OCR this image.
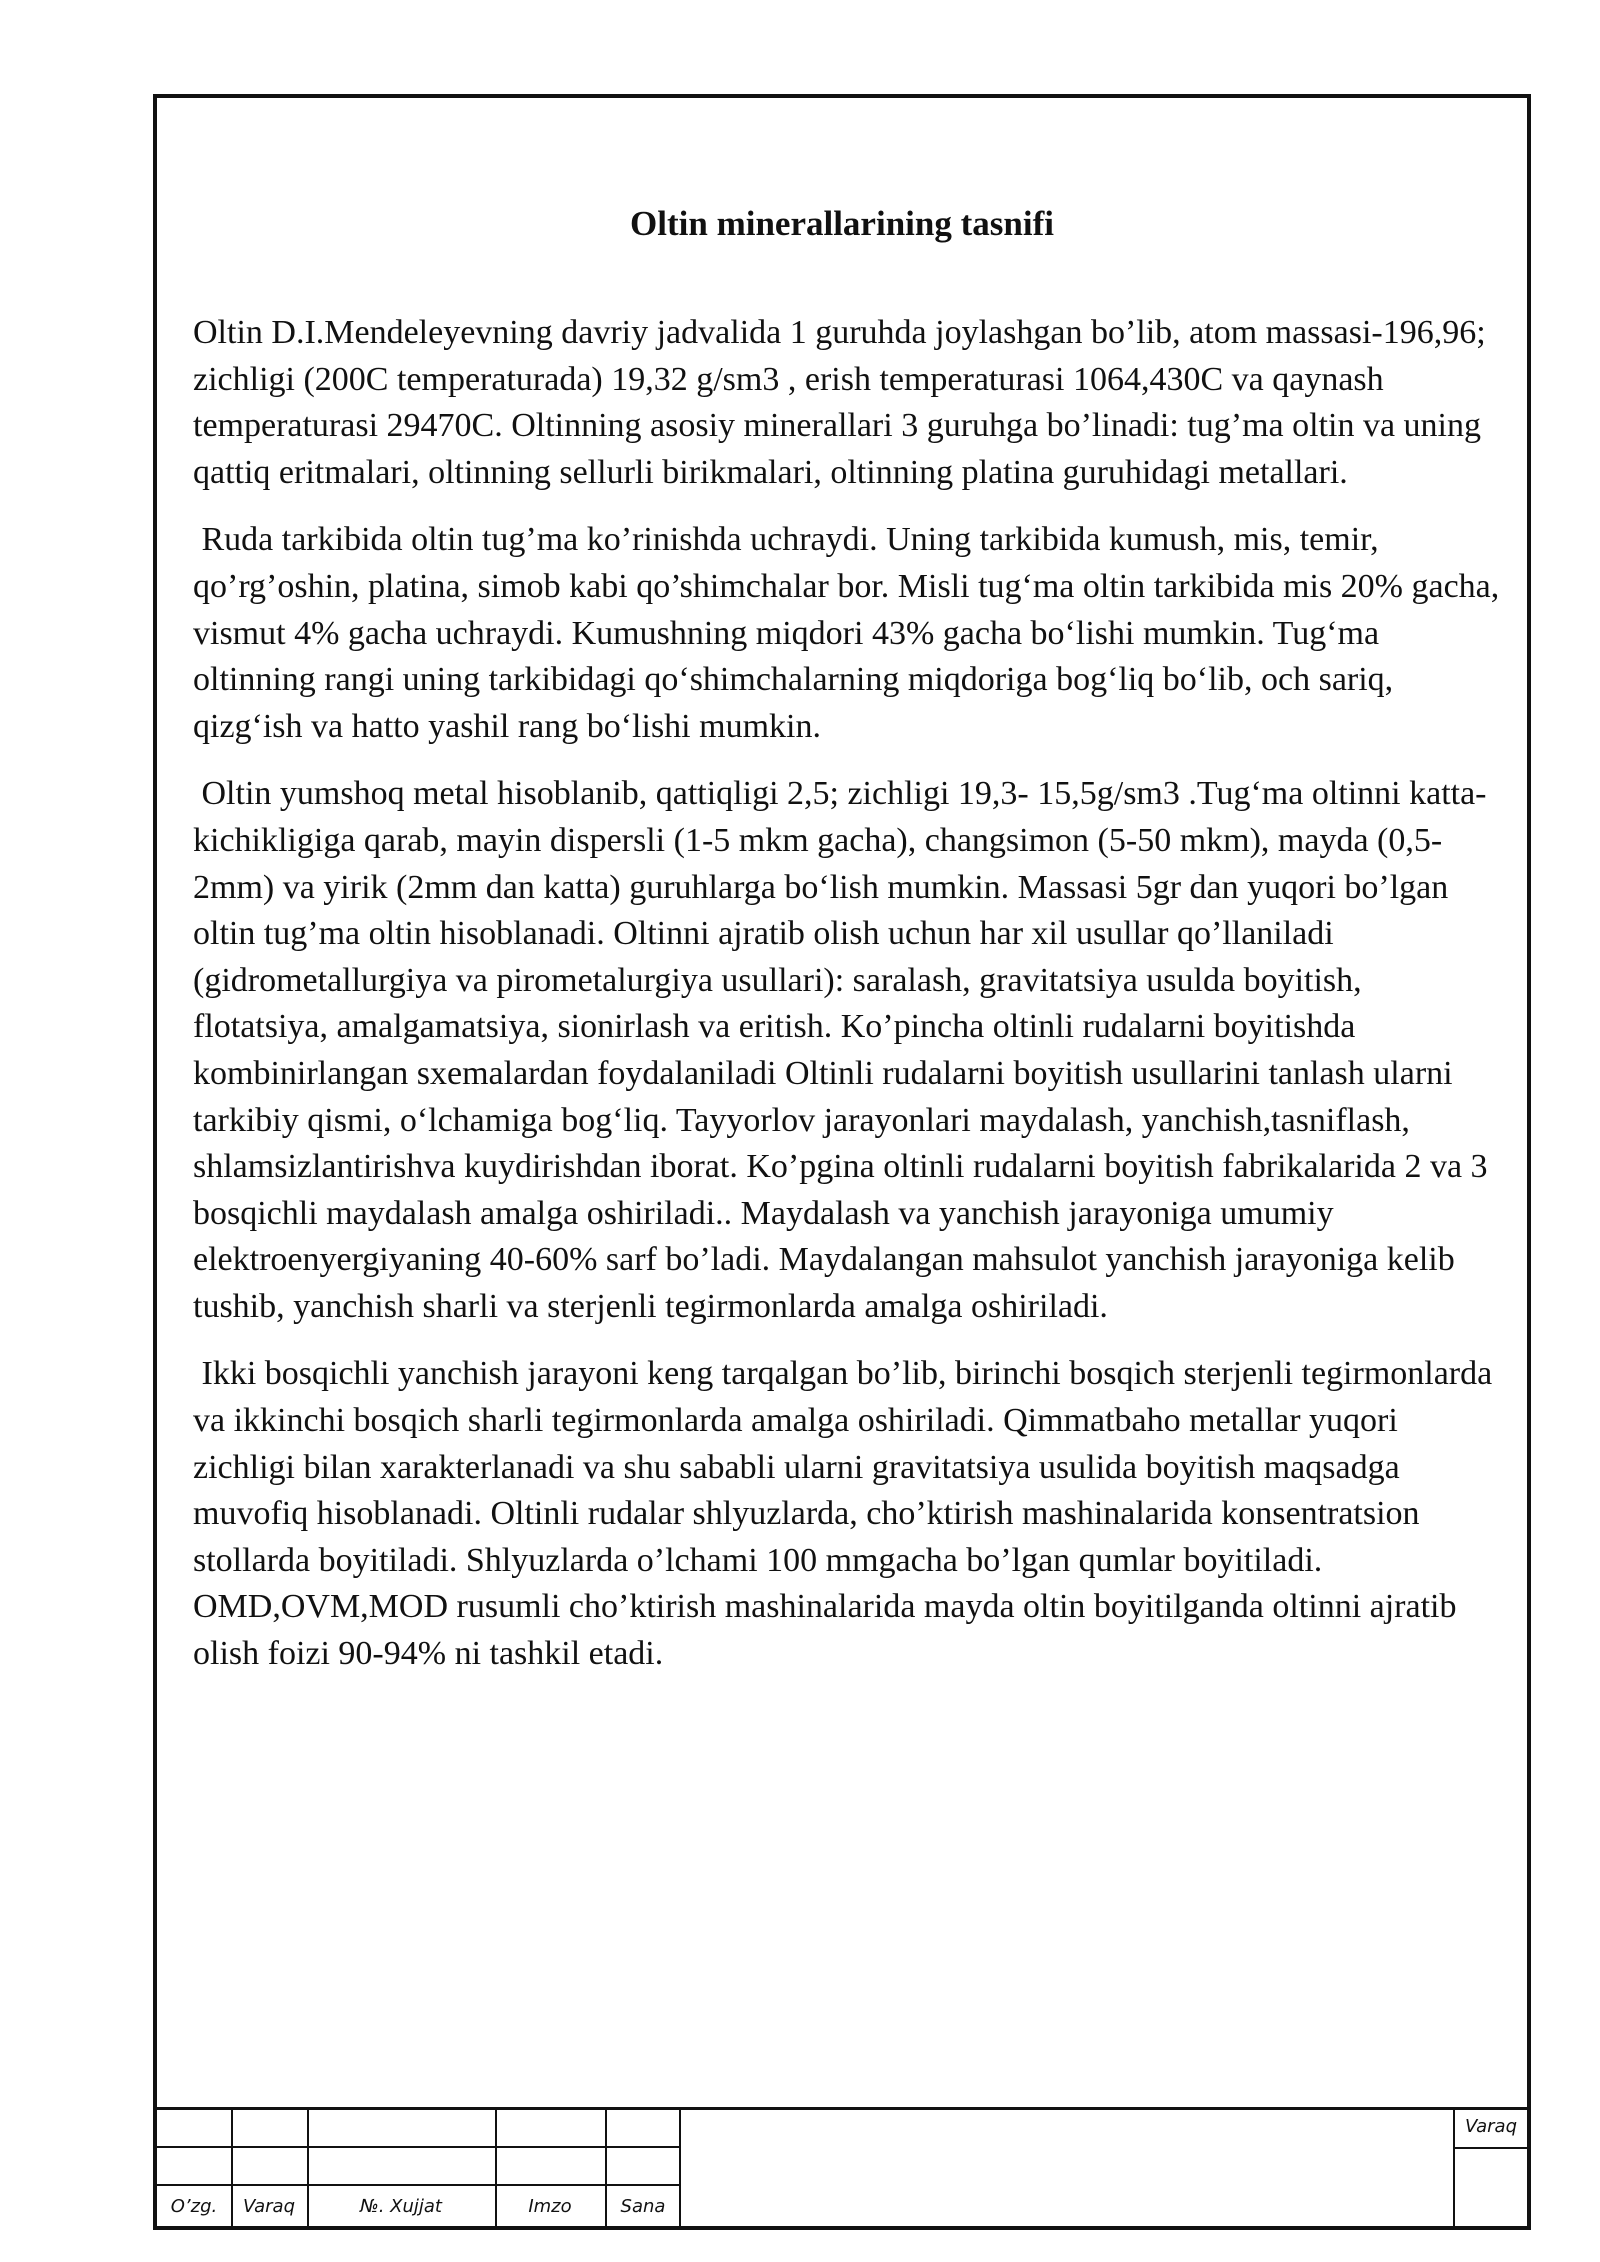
Oltin minerallarining tasnifi

Oltin D.I.Mendeleyevning davriy jadvalida 1 guruhda joylashgan bo’lib, atom massasi-196,96; zichligi (200C temperaturada) 19,32 g/sm3 , erish temperaturasi 1064,430C va qaynash temperaturasi 29470C. Oltinning asosiy minerallari 3 guruhga bo’linadi: tug’ma oltin va uning qattiq eritmalari, oltinning sellurli birikmalari, oltinning platina guruhidagi metallari.

Ruda tarkibida oltin tug’ma ko’rinishda uchraydi. Uning tarkibida kumush, mis, temir, qo’rg’oshin, platina, simob kabi qo’shimchalar bor. Misli tug‘ma oltin tarkibida mis 20% gacha, vismut 4% gacha uchraydi. Kumushning miqdori 43% gacha bo‘lishi mumkin. Tug‘ma oltinning rangi uning tarkibidagi qo‘shimchalarning miqdoriga bog‘liq bo‘lib, och sariq, qizg‘ish va hatto yashil rang bo‘lishi mumkin.

Oltin yumshoq metal hisoblanib, qattiqligi 2,5; zichligi 19,3- 15,5g/sm3 .Tug‘ma oltinni katta-kichikligiga qarab, mayin dispersli (1-5 mkm gacha), changsimon (5-50 mkm), mayda (0,5-2mm) va yirik (2mm dan katta) guruhlarga bo‘lish mumkin. Massasi 5gr dan yuqori bo’lgan oltin tug’ma oltin hisoblanadi. Oltinni ajratib olish uchun har xil usullar qo’llaniladi (gidrometallurgiya va pirometalurgiya usullari): saralash, gravitatsiya usulda boyitish, flotatsiya, amalgamatsiya, sionirlash va eritish. Ko’pincha oltinli rudalarni boyitishda kombinirlangan sxemalardan foydalaniladi Oltinli rudalarni boyitish usullarini tanlash ularni tarkibiy qismi, o‘lchamiga bog‘liq. Tayyorlov jarayonlari maydalash, yanchish,tasniflash, shlamsizlantirishva kuydirishdan iborat. Ko’pgina oltinli rudalarni boyitish fabrikalarida 2 va 3 bosqichli maydalash amalga oshiriladi.. Maydalash va yanchish jarayoniga umumiy elektroenyergiyaning 40-60% sarf bo’ladi. Maydalangan mahsulot yanchish jarayoniga kelib tushib, yanchish sharli va sterjenli tegirmonlarda amalga oshiriladi.

Ikki bosqichli yanchish jarayoni keng tarqalgan bo’lib, birinchi bosqich sterjenli tegirmonlarda va ikkinchi bosqich sharli tegirmonlarda amalga oshiriladi. Qimmatbaho metallar yuqori zichligi bilan xarakterlanadi va shu sababli ularni gravitatsiya usulida boyitish maqsadga muvofiq hisoblanadi. Oltinli rudalar shlyuzlarda, cho’ktirish mashinalarida konsentratsion stollarda boyitiladi. Shlyuzlarda o’lchami 100 mmgacha bo’lgan qumlar boyitiladi. OMD,OVM,MOD rusumli cho’ktirish mashinalarida mayda oltin boyitilganda oltinni ajratib olish foizi 90-94% ni tashkil etadi.

O’zg.	Varaq	№. Xujjat	Imzo	Sana
Varaq
